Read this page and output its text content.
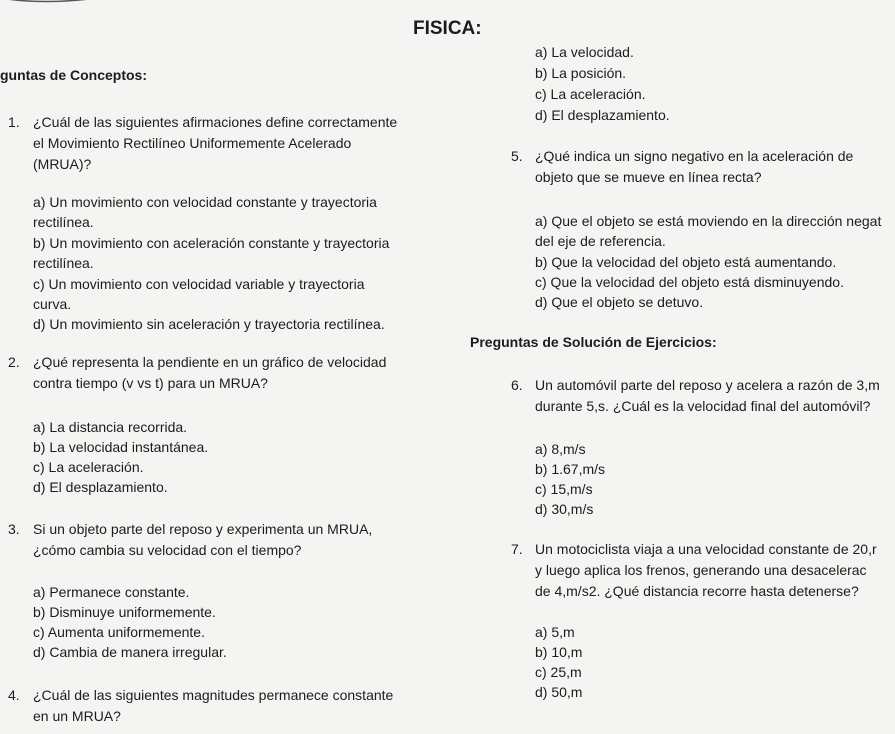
FISICA:
guntas de Conceptos:
1. ¿Cuál de las siguientes afirmaciones define correctamente
el Movimiento Rectilíneo Uniformemente Acelerado
(MRUA)?
a) Un movimiento con velocidad constante y trayectoria
rectilínea.
b) Un movimiento con aceleración constante y trayectoria
rectilínea.
c) Un movimiento con velocidad variable y trayectoria
curva.
d) Un movimiento sin aceleración y trayectoria rectilínea.
2. ¿Qué representa la pendiente en un gráfico de velocidad
contra tiempo (v vs t) para un MRUA?
a) La distancia recorrida.
b) La velocidad instantánea.
c) La aceleración.
d) El desplazamiento.
3. Si un objeto parte del reposo y experimenta un MRUA,
¿cómo cambia su velocidad con el tiempo?
a) Permanece constante.
b) Disminuye uniformemente.
c) Aumenta uniformemente.
d) Cambia de manera irregular.
4. ¿Cuál de las siguientes magnitudes permanece constante
en un MRUA?
a) La velocidad.
b) La posición.
c) La aceleración.
d) El desplazamiento.
5. ¿Qué indica un signo negativo en la aceleración de
objeto que se mueve en línea recta?
a) Que el objeto se está moviendo en la dirección negat
del eje de referencia.
b) Que la velocidad del objeto está aumentando.
c) Que la velocidad del objeto está disminuyendo.
d) Que el objeto se detuvo.
Preguntas de Solución de Ejercicios:
6. Un automóvil parte del reposo y acelera a razón de 3,m
durante 5,s. ¿Cuál es la velocidad final del automóvil?
a) 8,m/s
b) 1.67,m/s
c) 15,m/s
d) 30,m/s
7. Un motociclista viaja a una velocidad constante de 20,r
y luego aplica los frenos, generando una desacelerac
de 4,m/s2. ¿Qué distancia recorre hasta detenerse?
a) 5,m
b) 10,m
c) 25,m
d) 50,m
